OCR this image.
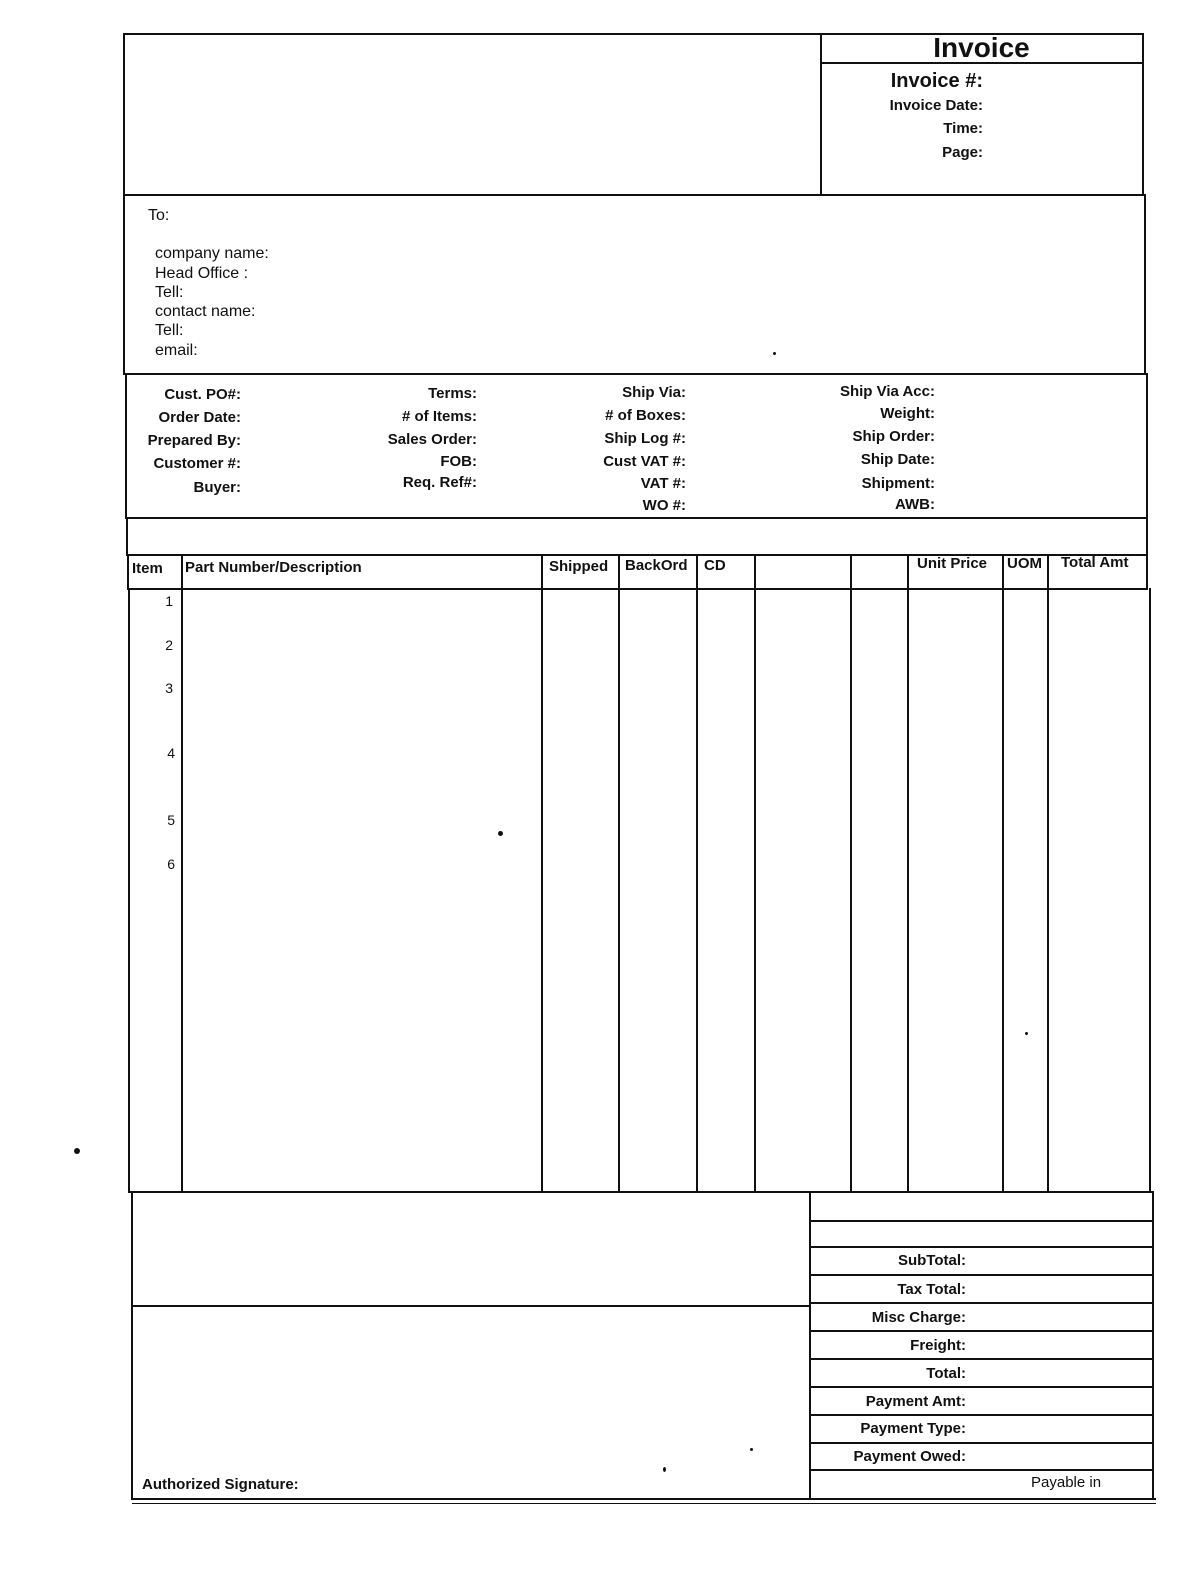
Invoice
Invoice #:
Invoice Date:
Time:
Page:
To:
company name:
Head Office :
Tell:
contact name:
Tell:
email:
Cust. PO#:
Order Date:
Prepared By:
Customer #:
Buyer:
Terms:
# of Items:
Sales Order:
FOB:
Req. Ref#:
Ship Via:
# of Boxes:
Ship Log #:
Cust VAT #:
VAT #:
WO #:
Ship Via Acc:
Weight:
Ship Order:
Ship Date:
Shipment:
AWB:
Item Part Number/Description	Shipped BackOrd CD	Unit Price UOM Total Amt
1
2
3
4
5
6
SubTotal:
Tax Total:
Misc Charge:
Freight:
Total:
Payment Amt:
Payment Type:
Payment Owed:
Payable in
Authorized Signature:
